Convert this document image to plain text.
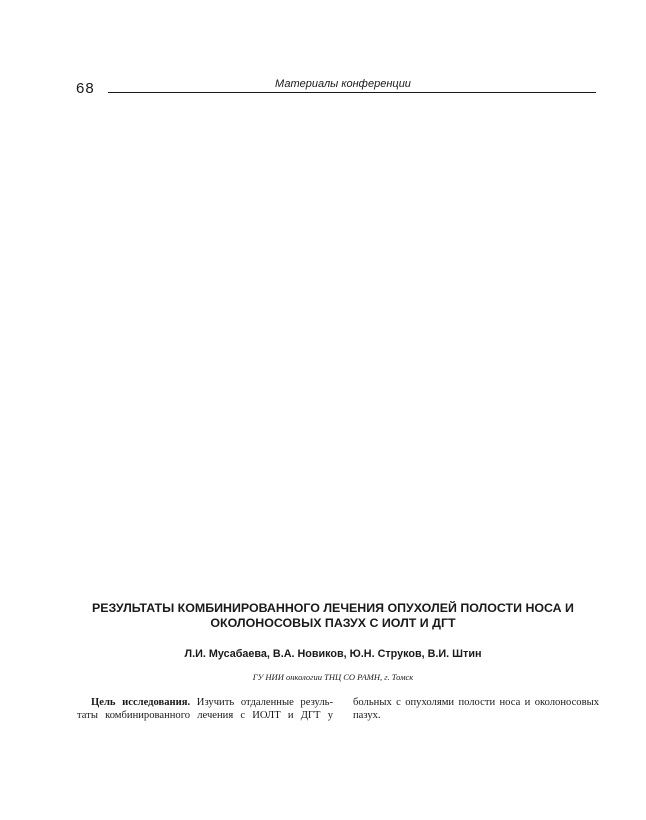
68	Материалы конференции
РЕЗУЛЬТАТЫ КОМБИНИРОВАННОГО ЛЕЧЕНИЯ ОПУХОЛЕЙ ПОЛОСТИ НОСА И
ОКОЛОНОСОВЫХ ПАЗУХ С ИОЛТ И ДГТ
Л.И. Мусабаева, В.А. Новиков, Ю.Н. Струков, В.И. Штин
ГУ НИИ онкологии ТНЦ СО РАМН, г. Томск
Цель исследования. Изучить отдаленные резуль-
таты комбинированного лечения с ИОЛТ и ДГТ у
больных с опухолями полости носа и околоносовых
пазух.
